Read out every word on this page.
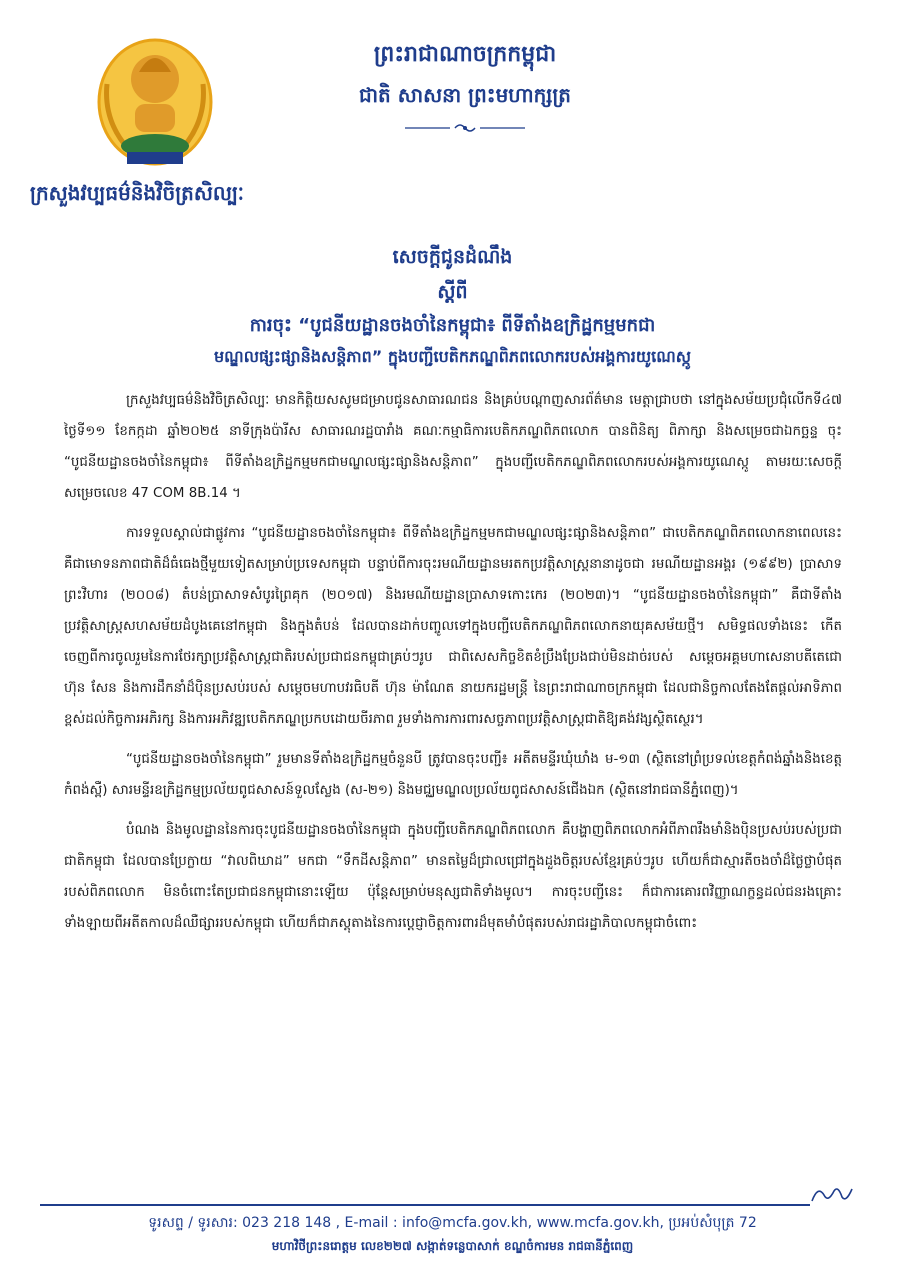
ព្រះរាជាណាចក្រកម្ពុជា
ជាតិ សាសនា ព្រះមហាក្សត្រ
ក្រសួងវប្បធម៌និងវិចិត្រសិល្បៈ
សេចក្តីជូនដំណឹង
ស្តីពី
ការចុះ “បូជនីយដ្ឋានចងចាំនៃកម្ពុជា៖ ពីទីតាំងឧក្រិដ្ឋកម្មមកជា
មណ្ឌលផ្សះផ្សានិងសន្តិភាព” ក្នុងបញ្ជីបេតិកភណ្ឌពិភពលោករបស់អង្គការយូណេស្កូ

ក្រសួងវប្បធម៌និងវិចិត្រសិល្បៈ មានកិត្តិយសសូមជម្រាបជូនសាធារណជន និងគ្រប់បណ្តាញសារព័ត៌មាន មេត្តាជ្រាបថា នៅក្នុងសម័យប្រជុំលើកទី៤៧ ថ្ងៃទី១១ ខែកក្កដា ឆ្នាំ២០២៥ នាទីក្រុងប៉ារីស សាធារណរដ្ឋបារាំង គណៈកម្មាធិការបេតិកភណ្ឌពិភពលោក បានពិនិត្យ ពិភាក្សា និងសម្រេចជាឯកច្ឆន្ទ ចុះ “បូជនីយដ្ឋានចងចាំនៃកម្ពុជា៖ ពីទីតាំងឧក្រិដ្ឋកម្មមកជាមណ្ឌលផ្សះផ្សានិងសន្តិភាព” ក្នុងបញ្ជីបេតិកភណ្ឌពិភពលោករបស់អង្គការយូណេស្កូ តាមរយៈសេចក្តីសម្រេចលេខ 47 COM 8B.14 ។

ការទទួលស្គាល់ជាផ្លូវការ “បូជនីយដ្ឋានចងចាំនៃកម្ពុជា៖ ពីទីតាំងឧក្រិដ្ឋកម្មមកជាមណ្ឌលផ្សះផ្សានិងសន្តិភាព” ជាបេតិកភណ្ឌពិភពលោកនាពេលនេះ គឺជាមោទនភាពជាតិដ៏ធំធេងថ្មីមួយទៀតសម្រាប់ប្រទេសកម្ពុជា បន្ទាប់ពីការចុះរមណីយដ្ឋានមរតកប្រវត្តិសាស្ត្រនានាដូចជា រមណីយដ្ឋានអង្គរ (១៩៩២) ប្រាសាទព្រះវិហារ (២០០៨) តំបន់ប្រាសាទសំបូរព្រៃគុក (២០១៧) និងរមណីយដ្ឋានប្រាសាទកោះកេរ (២០២៣)។ “បូជនីយដ្ឋានចងចាំនៃកម្ពុជា” គឺជាទីតាំងប្រវត្តិសាស្ត្រសហសម័យដំបូងគេនៅកម្ពុជា និងក្នុងតំបន់ ដែលបានដាក់បញ្ចូលទៅក្នុងបញ្ជីបេតិកភណ្ឌពិភពលោកនាយុគសម័យថ្មី។ សមិទ្ធផលទាំងនេះ កើតចេញពីការចូលរួមនៃការថែរក្សាប្រវត្តិសាស្ត្រជាតិរបស់ប្រជាជនកម្ពុជាគ្រប់ៗរូប ជាពិសេសកិច្ចខិតខំប្រឹងប្រែងជាប់មិនដាច់របស់ សម្តេចអគ្គមហាសេនាបតីតេជោ ហ៊ុន សែន និងការដឹកនាំដ៏ប៉ិនប្រសប់របស់ សម្តេចមហាបវរធិបតី ហ៊ុន ម៉ាណែត នាយករដ្ឋមន្ត្រី នៃព្រះរាជាណាចក្រកម្ពុជា ដែលជានិច្ចកាលតែងតែផ្តល់អាទិភាពខ្ពស់ដល់កិច្ចការអភិរក្ស និងការអភិវឌ្ឍបេតិកភណ្ឌប្រកបដោយចីរភាព រួមទាំងការការពារសច្ចភាពប្រវត្តិសាស្ត្រជាតិឱ្យគង់វង្សស្ថិតស្ថេរ។

“បូជនីយដ្ឋានចងចាំនៃកម្ពុជា” រួមមានទីតាំងឧក្រិដ្ឋកម្មចំនួនបី ត្រូវបានចុះបញ្ជី៖ អតីតមន្ទីរឃុំឃាំង ម-១៣ (ស្ថិតនៅព្រំប្រទល់ខេត្តកំពង់ឆ្នាំងនិងខេត្តកំពង់ស្ពឺ) សារមន្ទីរឧក្រិដ្ឋកម្មប្រល័យពូជសាសន៍ទួលស្លែង (ស-២១) និងមជ្ឈមណ្ឌលប្រល័យពូជសាសន៍ជើងឯក (ស្ថិតនៅរាជធានីភ្នំពេញ)។

បំណង និងមូលដ្ឋាននៃការចុះបូជនីយដ្ឋានចងចាំនៃកម្ពុជា ក្នុងបញ្ជីបេតិកភណ្ឌពិភពលោក គឺបង្ហាញពិភពលោកអំពីភាពរឹងមាំនិងប៉ិនប្រសប់របស់ប្រជាជាតិកម្ពុជា ដែលបានប្រែក្លាយ “វាលពិឃាដ” មកជា “ទឹកដីសន្តិភាព” មានតម្លៃដ៏ជ្រាលជ្រៅក្នុងដួងចិត្តរបស់ខ្មែរគ្រប់ៗរូប ហើយក៏ជាស្មារតីចងចាំដ៏ថ្លៃថ្លាបំផុតរបស់ពិភពលោក មិនចំពោះតែប្រជាជនកម្ពុជានោះឡើយ ប៉ុន្តែសម្រាប់មនុស្សជាតិទាំងមូល។ ការចុះបញ្ជីនេះ ក៏ជាការគោរពវិញ្ញាណក្ខន្ធដល់ជនរងគ្រោះទាំងឡាយពីអតីតកាលដ៏ឈឺផ្សាររបស់កម្ពុជា ហើយក៏ជាភស្តុតាងនៃការប្តេជ្ញាចិត្តការពារដ៏មុតមាំបំផុតរបស់រាជរដ្ឋាភិបាលកម្ពុជាចំពោះ

ទូរសព្ទ / ទូរសារ: 023 218 148 , E-mail : info@mcfa.gov.kh, www.mcfa.gov.kh, ប្រអប់សំបុត្រ 72
មហាវិថីព្រះនរោត្តម លេខ២២៧ សង្កាត់ទន្លេបាសាក់ ខណ្ឌចំការមន រាជធានីភ្នំពេញ
